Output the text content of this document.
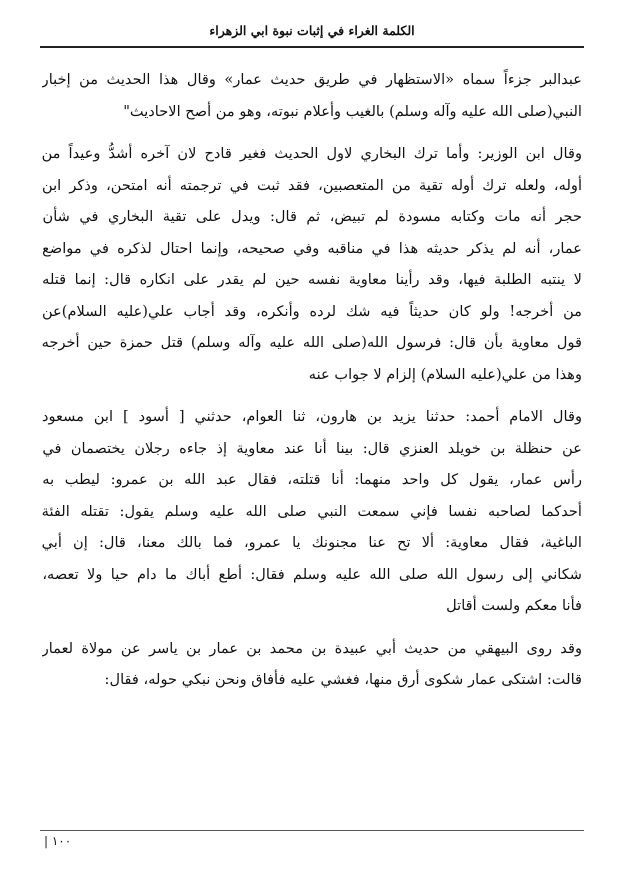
الكلمة الغراء في إثبات نبوة ابي الزهراء

عبدالبر جزءاً سماه «الاستظهار في طريق حديث عمار» وقال هذا الحديث من إخبار
النبي(صلى الله عليه وآله وسلم) بالغيب وأعلام نبوته، وهو من أصح الاحاديث"

وقال ابن الوزير: وأما ترك البخاري لاول الحديث فغير قادح لان آخره أشدُّ وعيداً من
أوله، ولعله ترك أوله تقية من المتعصبين، فقد ثبت في ترجمته أنه امتحن، وذكر ابن
حجر أنه مات وكتابه مسودة لم تبيض، ثم قال: ويدل على تقية البخاري في شأن
عمار، أنه لم يذكر حديثه هذا في مناقبه وفي صحيحه، وإنما احتال لذكره في مواضع
لا ينتبه الطلبة فيها، وقد رأينا معاوية نفسه حين لم يقدر على انكاره قال: إنما قتله
من أخرجه! ولو كان حديثاً فيه شك لرده وأنكره، وقد أجاب علي(عليه السلام)عن
قول معاوية بأن قال: فرسول الله(صلى الله عليه وآله وسلم) قتل حمزة حين أخرجه
وهذا من علي(عليه السلام) إلزام لا جواب عنه

وقال الامام أحمد: حدثنا يزيد بن هارون، ثنا العوام، حدثني [ أسود ] ابن مسعود
عن حنظلة بن خويلد العنزي قال: بينا أنا عند معاوية إذ جاءه رجلان يختصمان في
رأس عمار، يقول كل واحد منهما: أنا قتلته، فقال عبد الله بن عمرو: ليطب به
أحدكما لصاحبه نفسا فإني سمعت النبي صلى الله عليه وسلم يقول: تقتله الفئة
الباغية، فقال معاوية: ألا تح عنا مجنونك يا عمرو، فما بالك معنا، قال: إن أبي
شكاني إلى رسول الله صلى الله عليه وسلم فقال: أطع أباك ما دام حيا ولا تعصه،
فأنا معكم ولست أقاتل

وقد روى البيهقي من حديث أبي عبيدة بن محمد بن عمار بن ياسر عن مولاة لعمار
قالت: اشتكى عمار شكوى أرق منها، فغشي عليه فأفاق ونحن نبكي حوله، فقال:

١٠٠ |
